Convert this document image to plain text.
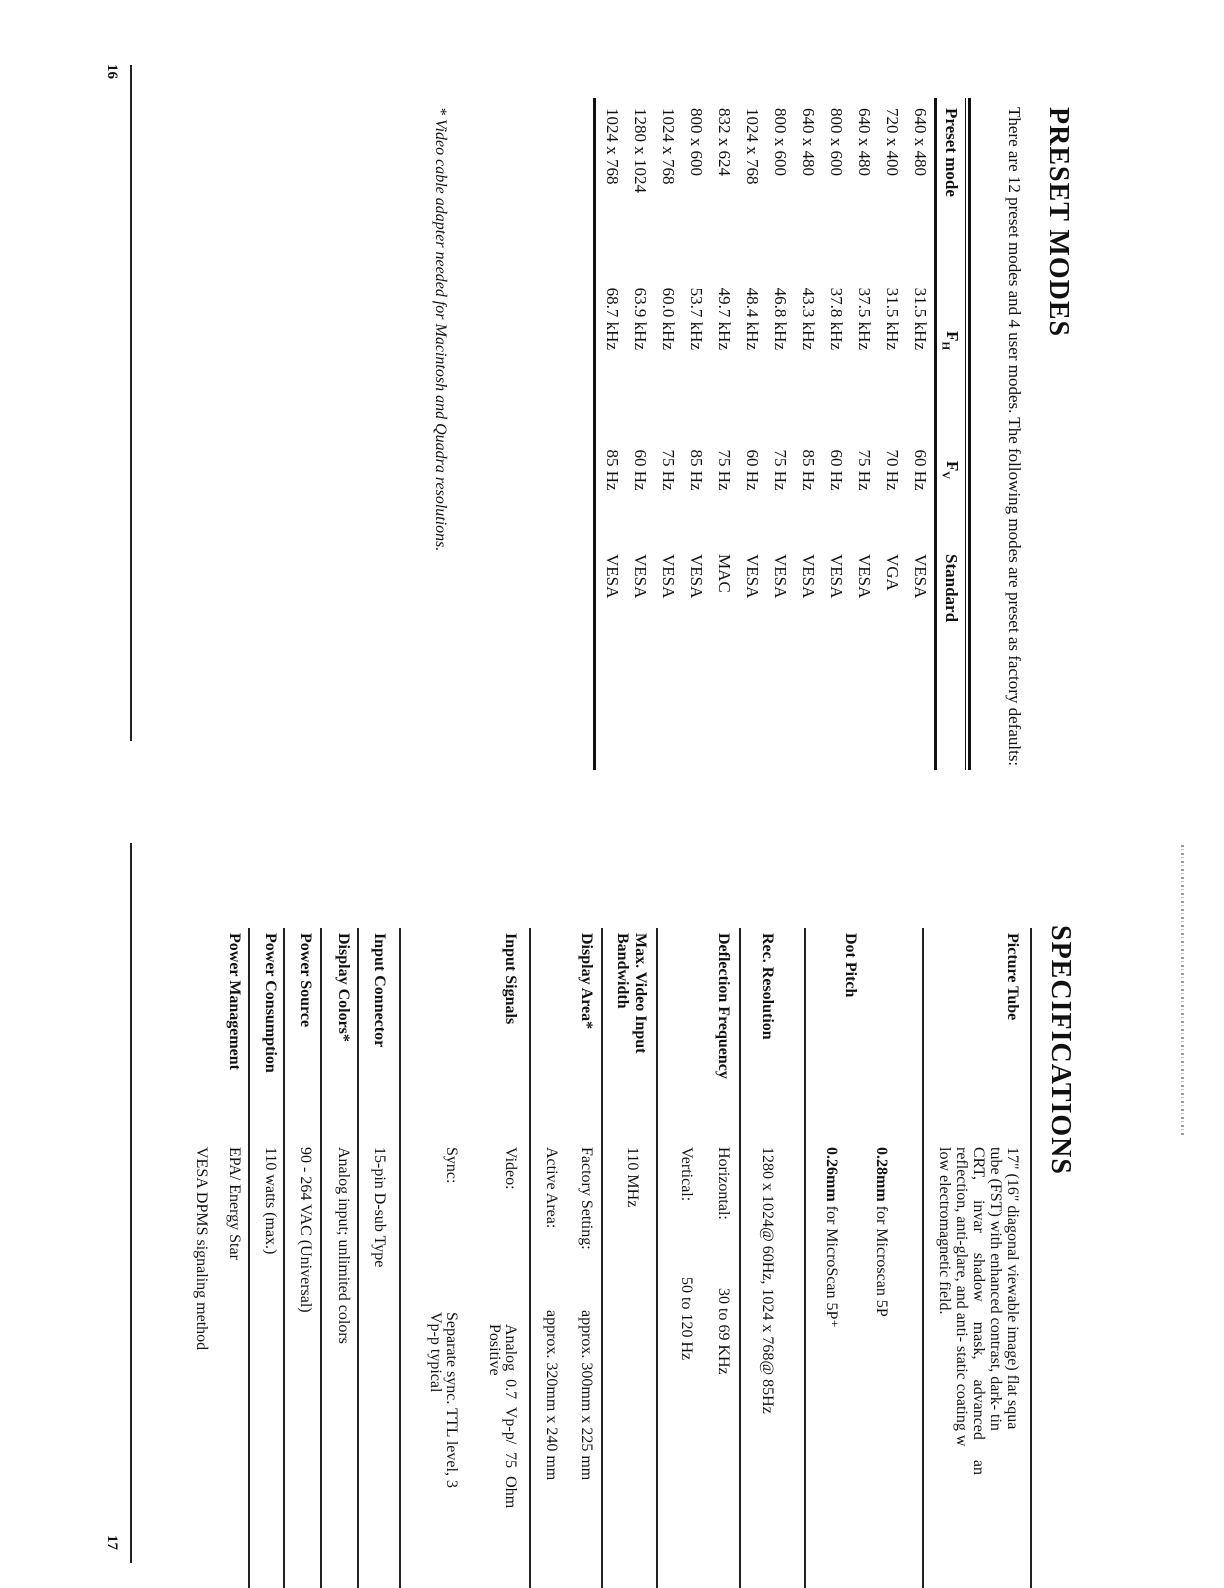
16
PRESET MODES
There are 12 preset modes and 4 user modes. The following modes are preset as factory defaults:
Preset mode
$F_H$
$F_V$
Standard
640 x 480
31.5 kHz
60 Hz
VESA
720 x 400
31.5 kHz
70 Hz
VGA
640 x 480
37.5 kHz
75 Hz
VESA
800 x 600
37.8 kHz
60 Hz
VESA
640 x 480
43.3 kHz
85 Hz
VESA
800 x 600
46.8 kHz
75 Hz
VESA
1024 x 768
48.4 kHz
60 Hz
VESA
832 x 624
49.7 kHz
75 Hz
MAC
800 x 600
53.7 kHz
85 Hz
VESA
1024 x 768
60.0 kHz
75 Hz
VESA
1280 x 1024
63.9 kHz
60 Hz
VESA
1024 x 768
68.7 kHz
85 Hz
VESA
* Video cable adapter needed for Macintosh and Quadra resolutions.
17
SPECIFICATIONS
Picture Tube
17" (16" diagonal viewable image) flat squa
tube (FST) with enhanced contrast, dark- tin
CRT, invar shadow mask, advanced an
reflection, anti-glare, and anti- static coating w
low electromagnetic field.
Dot Pitch
0.28mm for Microscan 5P
0.26mm for MicroScan 5P⁺
Rec. Resolution
1280 x 1024@ 60Hz, 1024 x 768@ 85Hz
Deflection Frequency
Horizontal:
30 to 69 KHz
Vertical:
50 to 120 Hz
Max. Video Input
Bandwidth
110 MHz
Display Area*
Factory Setting:
approx. 300mm x 225 mm
Active Area:
approx. 320mm x 240 mm
Input Signals
Video:
Analog 0.7 Vp-p/ 75 Ohm
Positive
Sync:
Separate sync. TTL level, 3
Vp-p typical
Input Connector
15-pin D-sub Type
Display Colors*
Analog input; unlimited colors
Power Source
90 - 264 VAC (Universal)
Power Consumption
110 watts (max.)
Power Management
EPA/ Energy Star
VESA DPMS signaling method
